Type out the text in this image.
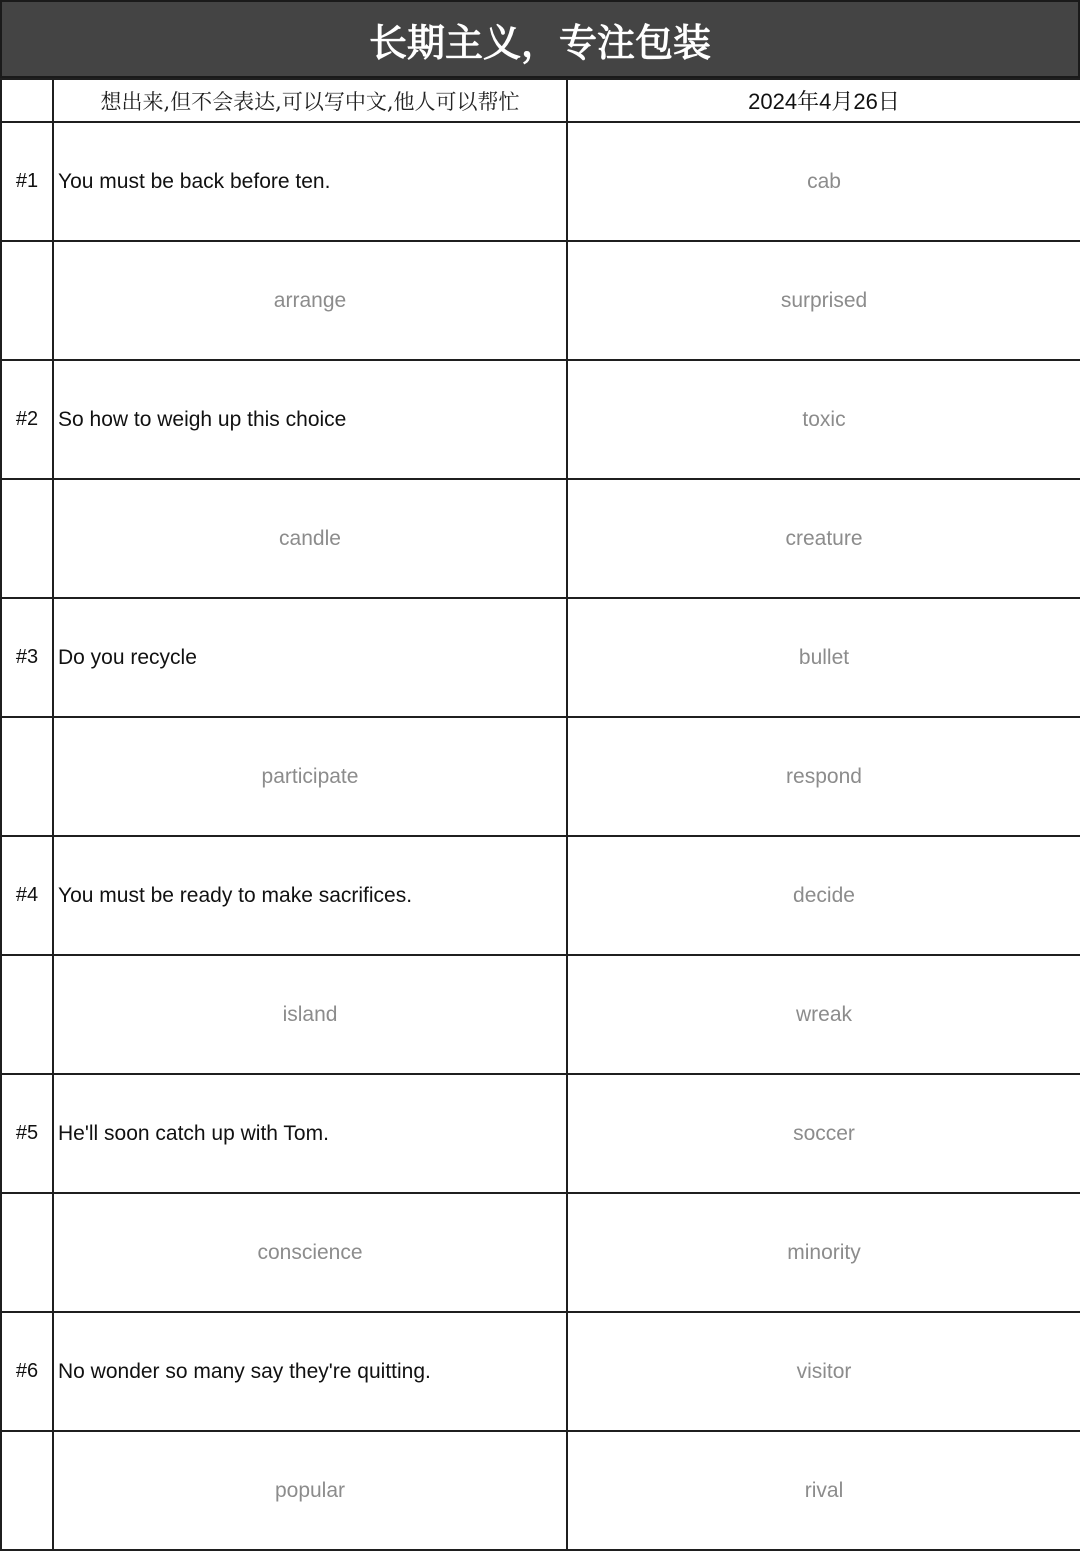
长期主义，专注包装
	想出来,但不会表达,可以写中文,他人可以帮忙	2024年4月26日
#1	You must be back before ten.	cab
	arrange	surprised
#2	So how to weigh up this choice	toxic
	candle	creature
#3	Do you recycle	bullet
	participate	respond
#4	You must be ready to make sacrifices.	decide
	island	wreak
#5	He'll soon catch up with Tom.	soccer
	conscience	minority
#6	No wonder so many say they're quitting.	visitor
	popular	rival
